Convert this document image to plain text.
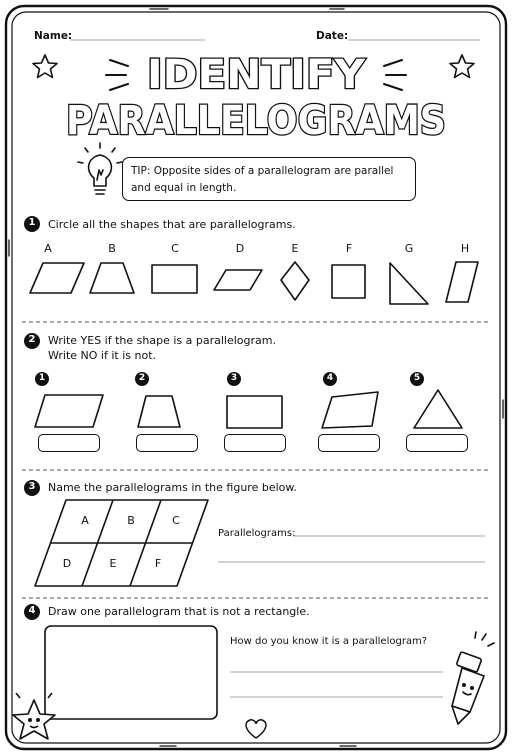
Name:	Date:
IDENTIFY
PARALLELOGRAMS
TIP: Opposite sides of a parallelogram are parallel
and equal in length.
1 Circle all the shapes that are parallelograms.
A	B	C	D	E	F	G	H
2 Write YES if the shape is a parallelogram.
Write NO if it is not.
1	2	3	4	5
3 Name the parallelograms in the figure below.
A	B	C
D	E	F
Parallelograms:
4 Draw one parallelogram that is not a rectangle.
How do you know it is a parallelogram?
